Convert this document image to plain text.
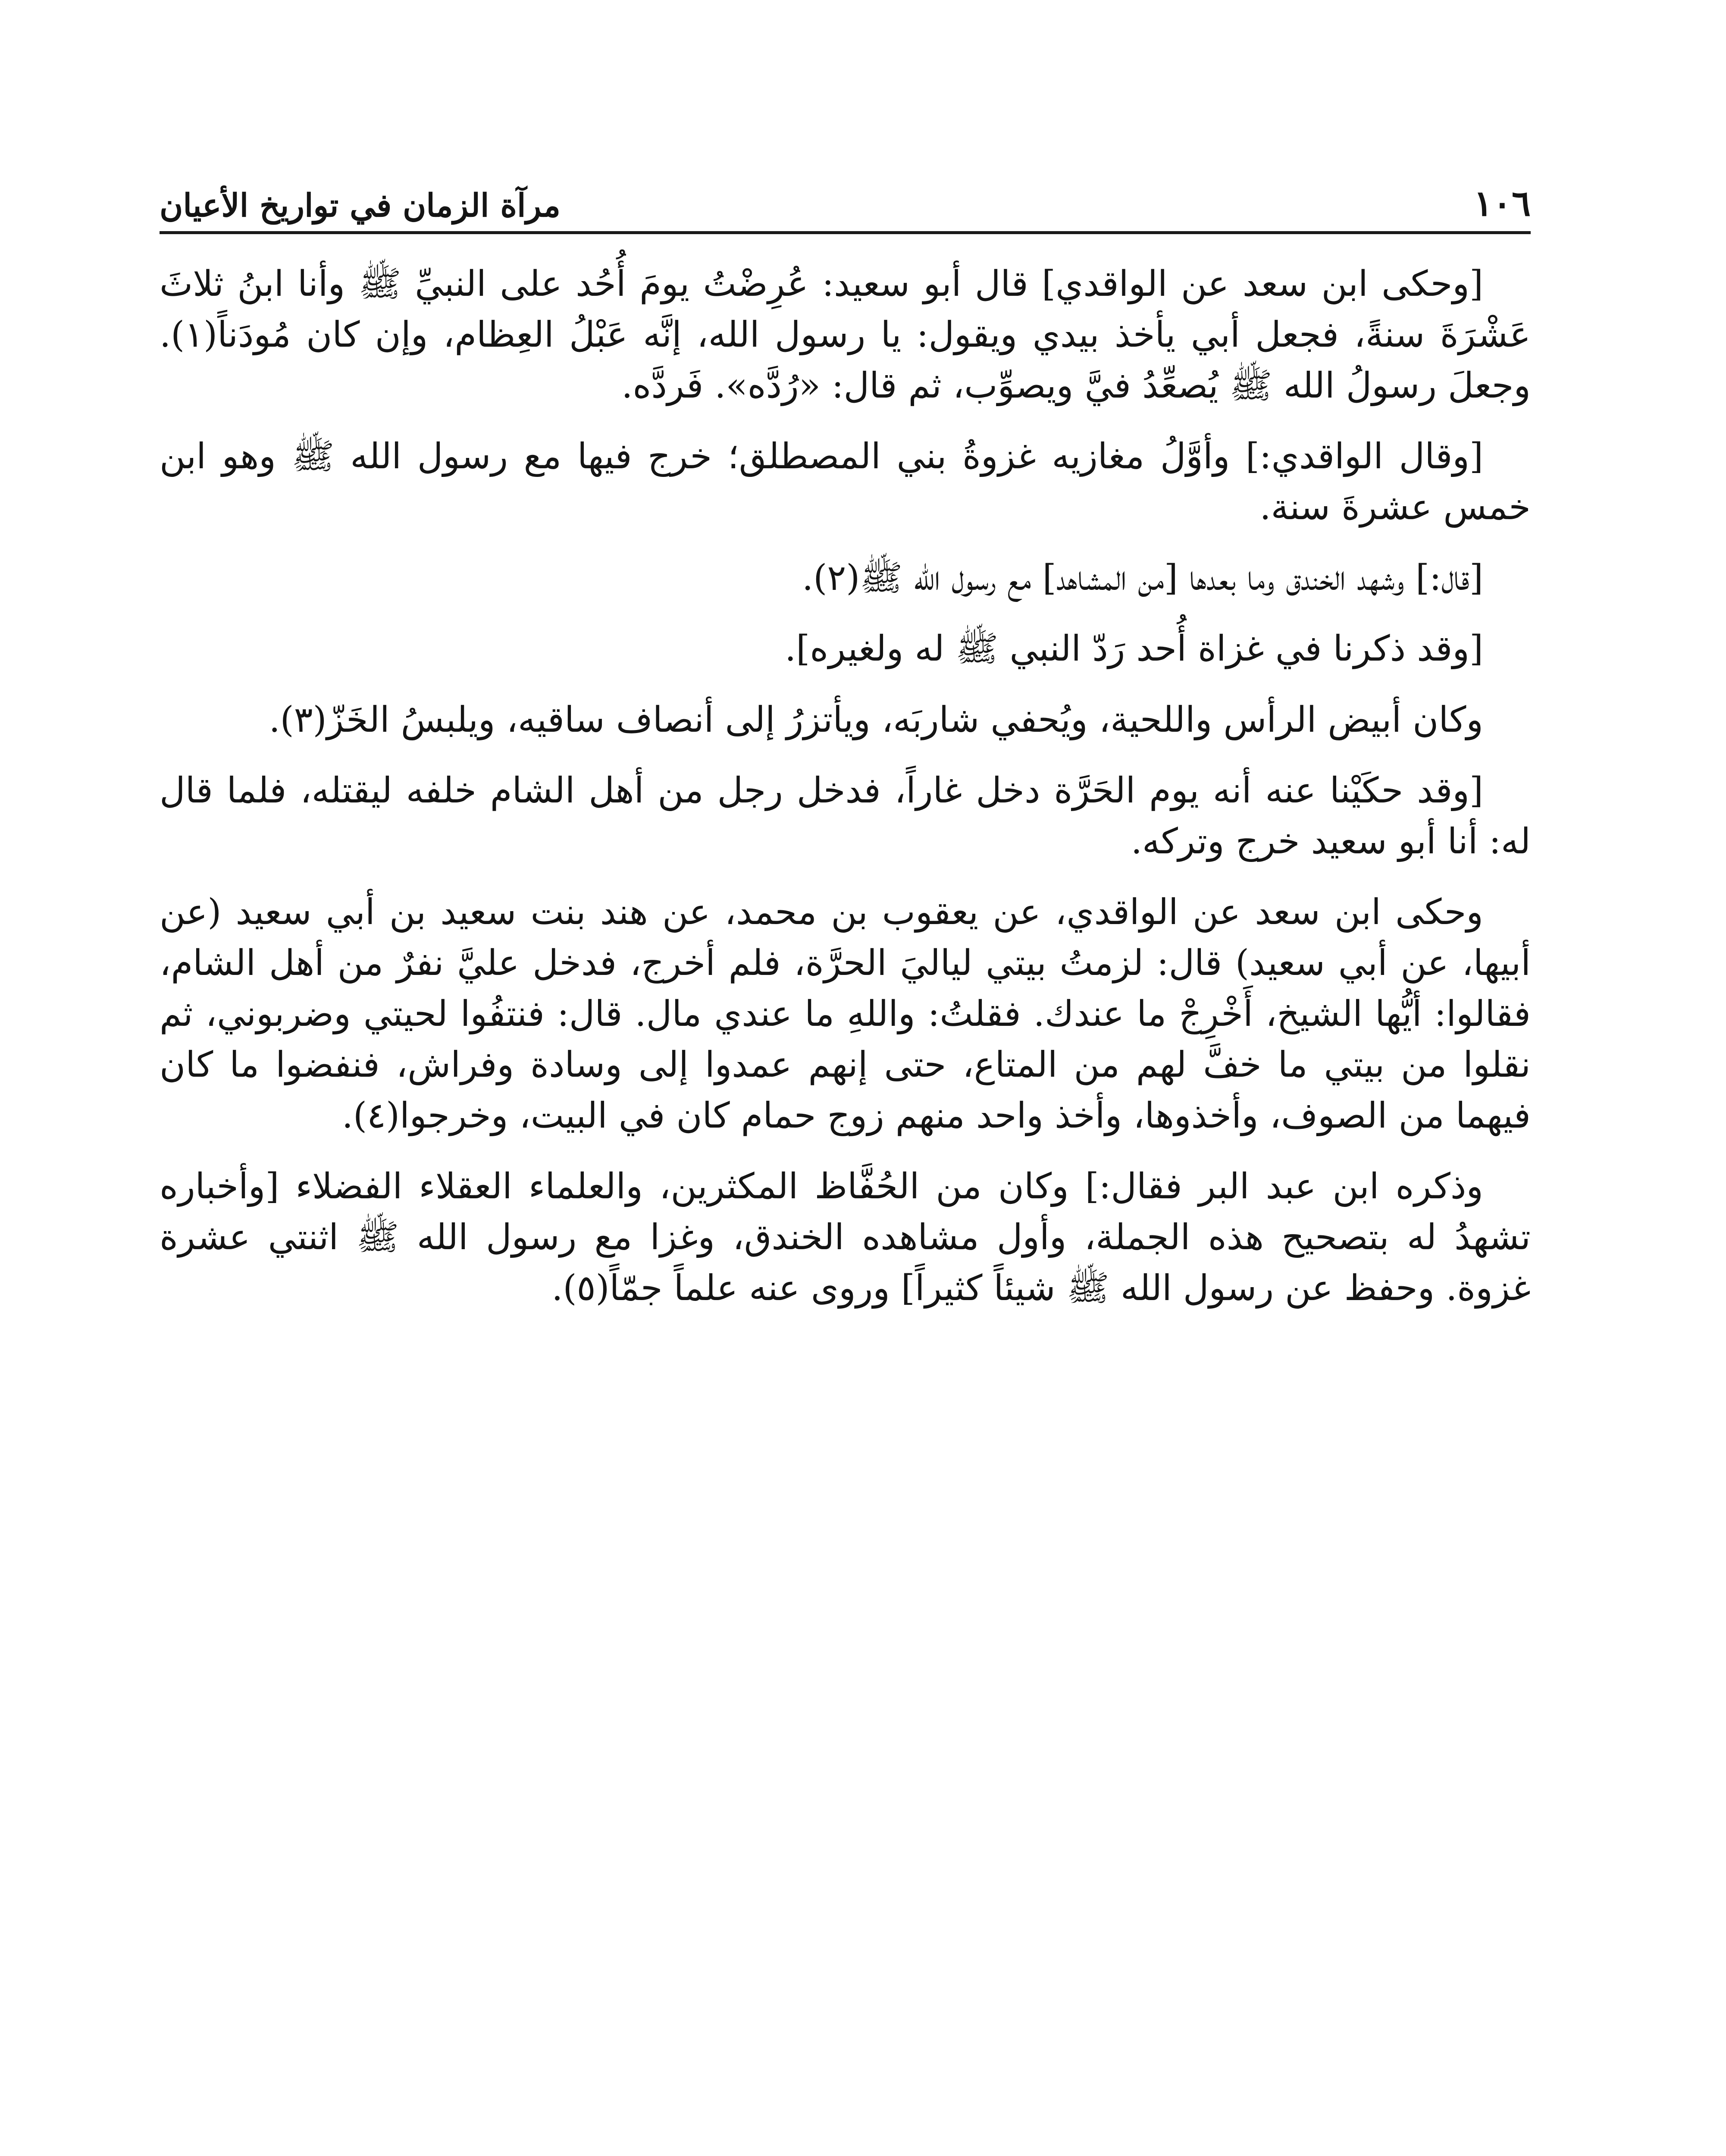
١٠٦
مرآة الزمان في تواريخ الأعيان

[وحكى ابن سعد عن الواقدي] قال أبو سعيد: عُرِضْتُ يومَ أُحُد على النبيِّ ﷺ وأنا ابنُ ثلاثَ عَشْرَةَ سنةً، فجعل أبي يأخذ بيدي ويقول: يا رسول الله، إنَّه عَبْلُ العِظام، وإن كان مُودَناً(١). وجعلَ رسولُ الله ﷺ يُصعِّدُ فيَّ ويصوِّب، ثم قال: «رُدَّه». فَردَّه.

[وقال الواقدي:] وأوَّلُ مغازيه غزوةُ بني المصطلق؛ خرج فيها مع رسول الله ﷺ وهو ابن خمس عشرةَ سنة.

[قال:] وشهد الخندق وما بعدها [من المشاهد] مع رسول الله ﷺ(٢).

[وقد ذكرنا في غزاة أُحد رَدّ النبي ﷺ له ولغيره].

وكان أبيض الرأس واللحية، ويُحفي شاربَه، ويأتزرُ إلى أنصاف ساقيه، ويلبسُ الخَزّ(٣).

[وقد حكَيْنا عنه أنه يوم الحَرَّة دخل غاراً، فدخل رجل من أهل الشام خلفه ليقتله، فلما قال له: أنا أبو سعيد خرج وتركه.

وحكى ابن سعد عن الواقدي، عن يعقوب بن محمد، عن هند بنت سعيد بن أبي سعيد (عن أبيها، عن أبي سعيد) قال: لزمتُ بيتي لياليَ الحرَّة، فلم أخرج، فدخل عليَّ نفرٌ من أهل الشام، فقالوا: أيُّها الشيخ، أَخْرِجْ ما عندك. فقلتُ: واللهِ ما عندي مال. قال: فنتفُوا لحيتي وضربوني، ثم نقلوا من بيتي ما خفَّ لهم من المتاع، حتى إنهم عمدوا إلى وسادة وفراش، فنفضوا ما كان فيهما من الصوف، وأخذوها، وأخذ واحد منهم زوج حمام كان في البيت، وخرجوا(٤).

وذكره ابن عبد البر فقال:] وكان من الحُفَّاظ المكثرين، والعلماء العقلاء الفضلاء [وأخباره تشهدُ له بتصحيح هذه الجملة، وأول مشاهده الخندق، وغزا مع رسول الله ﷺ اثنتي عشرة غزوة. وحفظ عن رسول الله ﷺ شيئاً كثيراً] وروى عنه علماً جمّاً(٥).
